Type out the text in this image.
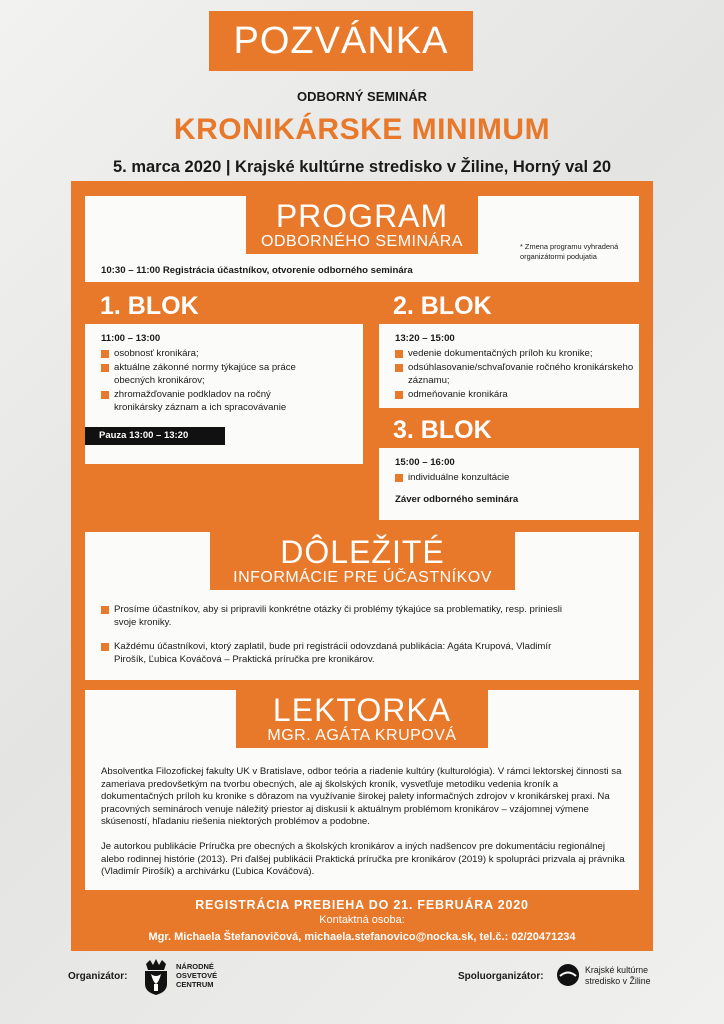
POZVÁNKA
ODBORNÝ SEMINÁR
KRONIKÁRSKE MINIMUM
5. marca 2020 | Krajské kultúrne stredisko v Žiline, Horný val 20
PROGRAM
ODBORNÉHO SEMINÁRA	* Zmena programu vyhradená organizátormi podujatia
10:30 – 11:00 Registrácia účastníkov, otvorenie odborného seminára
1. BLOK
11:00 – 13:00
osobnosť kronikára;
aktuálne zákonné normy týkajúce sa práce obecných kronikárov;
zhromažďovanie podkladov na ročný kronikársky záznam a ich spracovávanie
Pauza 13:00 – 13:20
2. BLOK
13:20 – 15:00
vedenie dokumentačných príloh ku kronike;
odsúhlasovanie/schvaľovanie ročného kronikárskeho záznamu;
odmeňovanie kronikára
3. BLOK
15:00 – 16:00
individuálne konzultácie
Záver odborného seminára
DÔLEŽITÉ
INFORMÁCIE PRE ÚČASTNÍKOV
Prosíme účastníkov, aby si pripravili konkrétne otázky či problémy týkajúce sa problematiky, resp. priniesli svoje kroniky.
Každému účastníkovi, ktorý zaplatil, bude pri registrácii odovzdaná publikácia: Agáta Krupová, Vladimír Pirošík, Ľubica Kováčová – Praktická príručka pre kronikárov.
LEKTORKA
MGR. AGÁTA KRUPOVÁ
Absolventka Filozofickej fakulty UK v Bratislave, odbor teória a riadenie kultúry (kulturológia). V rámci lektorskej činnosti sa zameriava predovšetkým na tvorbu obecných, ale aj školských kroník, vysvetľuje metodiku vedenia kroník a dokumentačných príloh ku kronike s dôrazom na využívanie širokej palety informačných zdrojov v kronikárskej praxi. Na pracovných seminároch venuje náležitý priestor aj diskusii k aktuálnym problémom kronikárov – vzájomnej výmene skúseností, hľadaniu riešenia niektorých problémov a podobne.
Je autorkou publikácie Príručka pre obecných a školských kronikárov a iných nadšencov pre dokumentáciu regionálnej alebo rodinnej histórie (2013). Pri ďalšej publikácii Praktická príručka pre kronikárov (2019) k spolupráci prizvala aj právnika (Vladimír Pirošík) a archivárku (Ľubica Kováčová).
REGISTRÁCIA PREBIEHA DO 21. FEBRUÁRA 2020
Kontaktná osoba:
Mgr. Michaela Štefanovičová, michaela.stefanovico@nocka.sk, tel.č.: 02/20471234
Organizátor:
NÁRODNÉ
OSVETOVÉ
CENTRUM
Spoluorganizátor:
Krajské kultúrne
stredisko v Žiline
